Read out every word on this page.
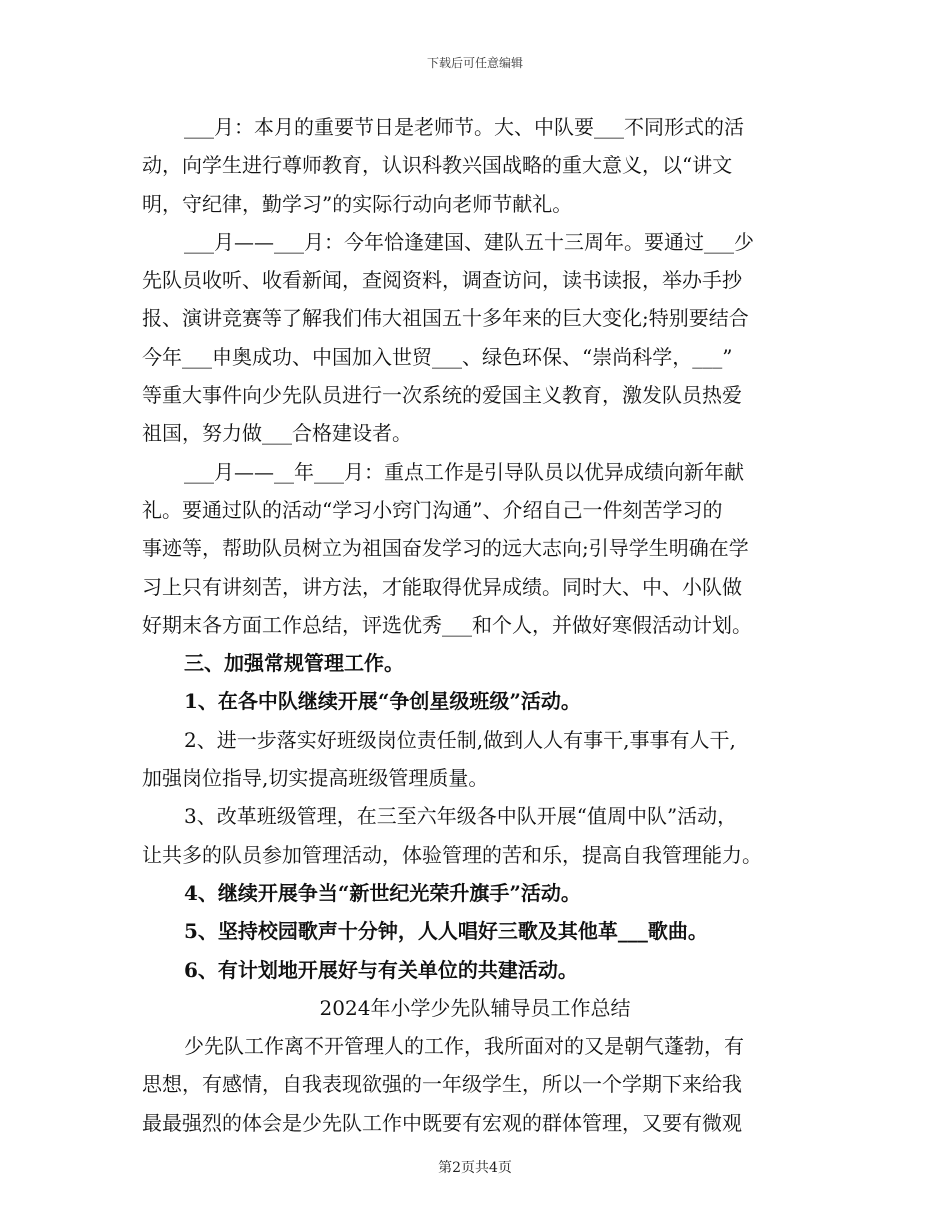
下载后可任意编辑
___月：本月的重要节日是老师节。大、中队要___不同形式的活
动，向学生进行尊师教育，认识科教兴国战略的重大意义，以“讲文
明，守纪律，勤学习”的实际行动向老师节献礼。
___月——___月：今年恰逢建国、建队五十三周年。要通过___少
先队员收听、收看新闻，查阅资料，调查访问，读书读报，举办手抄
报、演讲竞赛等了解我们伟大祖国五十多年来的巨大变化;特别要结合
今年___申奥成功、中国加入世贸___、绿色环保、“崇尚科学，___”
等重大事件向少先队员进行一次系统的爱国主义教育，激发队员热爱
祖国，努力做___合格建设者。
___月——__年___月：重点工作是引导队员以优异成绩向新年献
礼。要通过队的活动“学习小窍门沟通”、介绍自己一件刻苦学习的
事迹等，帮助队员树立为祖国奋发学习的远大志向;引导学生明确在学
习上只有讲刻苦，讲方法，才能取得优异成绩。同时大、中、小队做
好期末各方面工作总结，评选优秀___和个人，并做好寒假活动计划。
三、加强常规管理工作。
1、在各中队继续开展“争创星级班级”活动。
2、进一步落实好班级岗位责任制,做到人人有事干,事事有人干,
加强岗位指导,切实提高班级管理质量。
3、改革班级管理，在三至六年级各中队开展“值周中队”活动，
让共多的队员参加管理活动，体验管理的苦和乐，提高自我管理能力。
4、继续开展争当“新世纪光荣升旗手”活动。
5、坚持校园歌声十分钟，人人唱好三歌及其他革___歌曲。
6、有计划地开展好与有关单位的共建活动。
2024年小学少先队辅导员工作总结
少先队工作离不开管理人的工作，我所面对的又是朝气蓬勃，有
思想，有感情，自我表现欲强的一年级学生，所以一个学期下来给我
最最强烈的体会是少先队工作中既要有宏观的群体管理，又要有微观
第2页共4页
